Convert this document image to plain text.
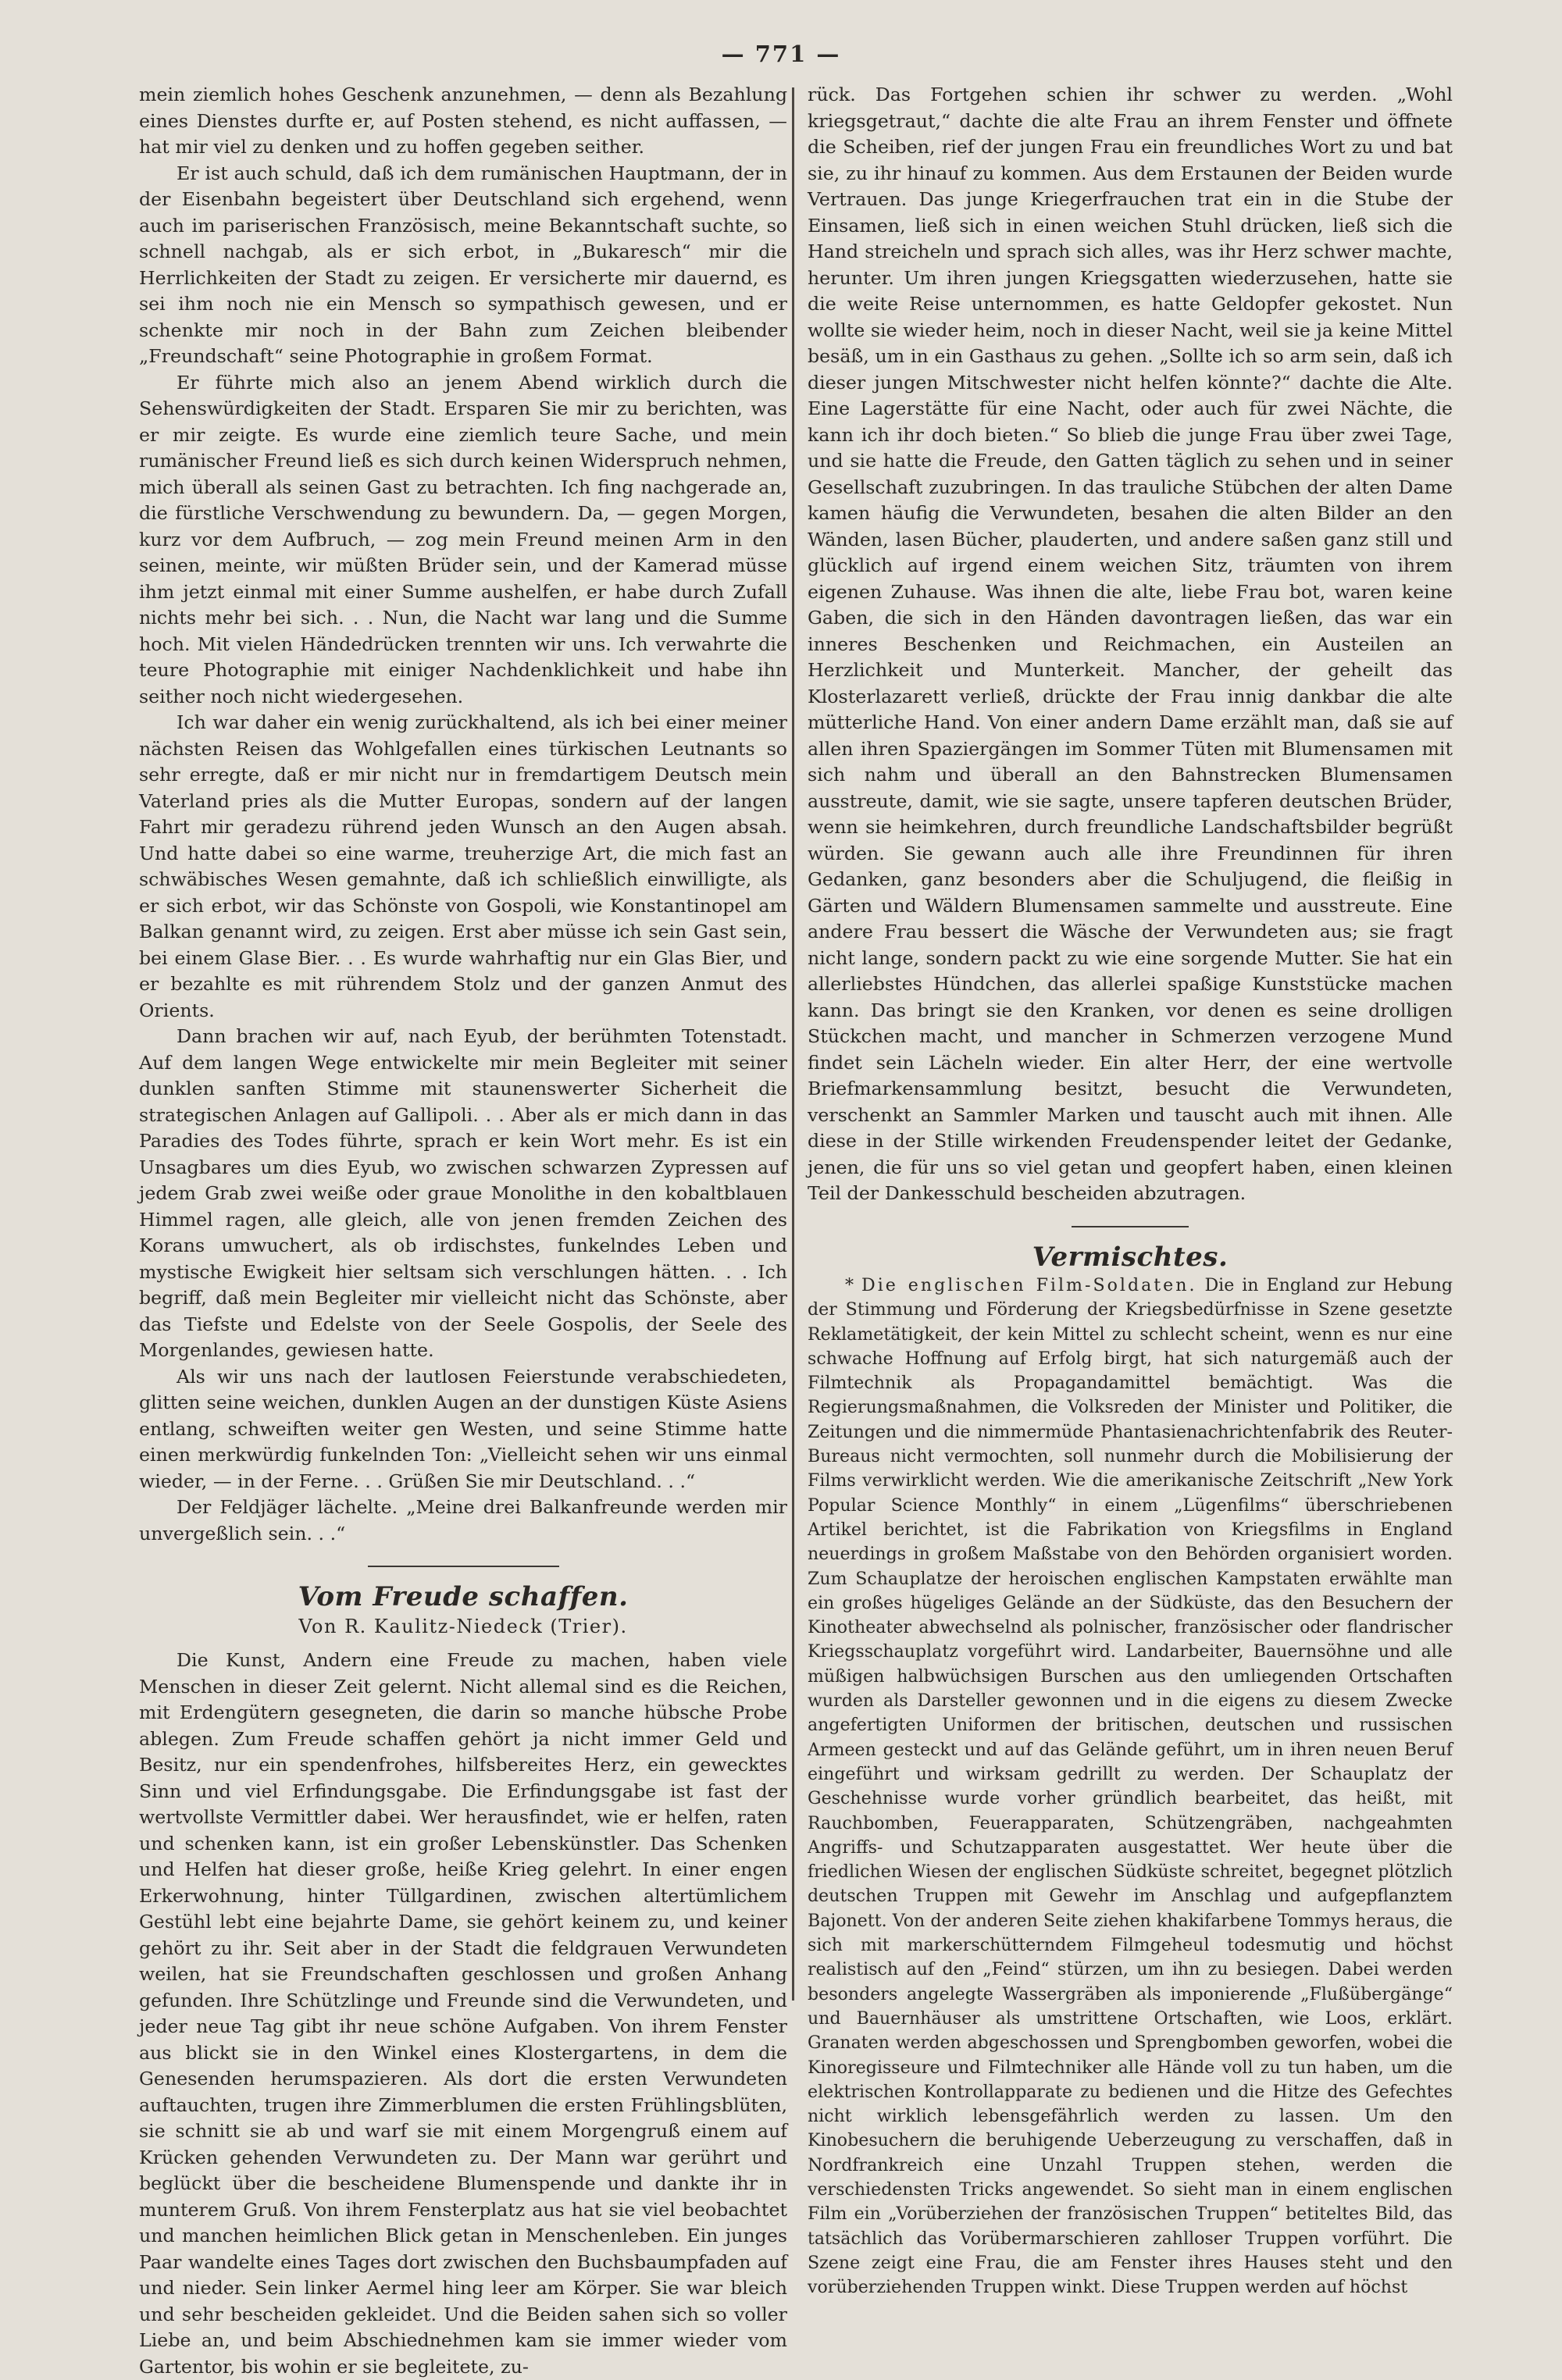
— 771 —

mein ziemlich hohes Geschenk anzunehmen, — denn als Bezahlung eines Dienstes durfte er, auf Posten stehend, es nicht auffassen, — hat mir viel zu denken und zu hoffen gegeben seither.

Er ist auch schuld, daß ich dem rumänischen Hauptmann, der in der Eisenbahn begeistert über Deutschland sich ergehend, wenn auch im pariserischen Französisch, meine Bekanntschaft suchte, so schnell nachgab, als er sich erbot, in „Bukaresch“ mir die Herrlichkeiten der Stadt zu zeigen. Er versicherte mir dauernd, es sei ihm noch nie ein Mensch so sympathisch gewesen, und er schenkte mir noch in der Bahn zum Zeichen bleibender „Freundschaft“ seine Photographie in großem Format.

Er führte mich also an jenem Abend wirklich durch die Sehenswürdigkeiten der Stadt. Ersparen Sie mir zu berichten, was er mir zeigte. Es wurde eine ziemlich teure Sache, und mein rumänischer Freund ließ es sich durch keinen Widerspruch nehmen, mich überall als seinen Gast zu betrachten. Ich fing nachgerade an, die fürstliche Verschwendung zu bewundern. Da, — gegen Morgen, kurz vor dem Aufbruch, — zog mein Freund meinen Arm in den seinen, meinte, wir müßten Brüder sein, und der Kamerad müsse ihm jetzt einmal mit einer Summe aushelfen, er habe durch Zufall nichts mehr bei sich. . . Nun, die Nacht war lang und die Summe hoch. Mit vielen Händedrücken trennten wir uns. Ich verwahrte die teure Photographie mit einiger Nachdenklichkeit und habe ihn seither noch nicht wiedergesehen.

Ich war daher ein wenig zurückhaltend, als ich bei einer meiner nächsten Reisen das Wohlgefallen eines türkischen Leutnants so sehr erregte, daß er mir nicht nur in fremdartigem Deutsch mein Vaterland pries als die Mutter Europas, sondern auf der langen Fahrt mir geradezu rührend jeden Wunsch an den Augen absah. Und hatte dabei so eine warme, treuherzige Art, die mich fast an schwäbisches Wesen gemahnte, daß ich schließlich einwilligte, als er sich erbot, wir das Schönste von Gospoli, wie Konstantinopel am Balkan genannt wird, zu zeigen. Erst aber müsse ich sein Gast sein, bei einem Glase Bier. . . Es wurde wahrhaftig nur ein Glas Bier, und er bezahlte es mit rührendem Stolz und der ganzen Anmut des Orients.

Dann brachen wir auf, nach Eyub, der berühmten Totenstadt. Auf dem langen Wege entwickelte mir mein Begleiter mit seiner dunklen sanften Stimme mit staunenswerter Sicherheit die strategischen Anlagen auf Gallipoli. . . Aber als er mich dann in das Paradies des Todes führte, sprach er kein Wort mehr. Es ist ein Unsagbares um dies Eyub, wo zwischen schwarzen Zypressen auf jedem Grab zwei weiße oder graue Monolithe in den kobaltblauen Himmel ragen, alle gleich, alle von jenen fremden Zeichen des Korans umwuchert, als ob irdischstes, funkelndes Leben und mystische Ewigkeit hier seltsam sich verschlungen hätten. . . Ich begriff, daß mein Begleiter mir vielleicht nicht das Schönste, aber das Tiefste und Edelste von der Seele Gospolis, der Seele des Morgenlandes, gewiesen hatte.

Als wir uns nach der lautlosen Feierstunde verabschiedeten, glitten seine weichen, dunklen Augen an der dunstigen Küste Asiens entlang, schweiften weiter gen Westen, und seine Stimme hatte einen merkwürdig funkelnden Ton: „Vielleicht sehen wir uns einmal wieder, — in der Ferne. . . Grüßen Sie mir Deutschland. . .“

Der Feldjäger lächelte. „Meine drei Balkanfreunde werden mir unvergeßlich sein. . .“

Vom Freude schaffen.
Von R. Kaulitz-Niedeck (Trier).

Die Kunst, Andern eine Freude zu machen, haben viele Menschen in dieser Zeit gelernt. Nicht allemal sind es die Reichen, mit Erdengütern gesegneten, die darin so manche hübsche Probe ablegen. Zum Freude schaffen gehört ja nicht immer Geld und Besitz, nur ein spendenfrohes, hilfsbereites Herz, ein gewecktes Sinn und viel Erfindungsgabe. Die Erfindungsgabe ist fast der wertvollste Vermittler dabei. Wer herausfindet, wie er helfen, raten und schenken kann, ist ein großer Lebenskünstler. Das Schenken und Helfen hat dieser große, heiße Krieg gelehrt. In einer engen Erkerwohnung, hinter Tüllgardinen, zwischen altertümlichem Gestühl lebt eine bejahrte Dame, sie gehört keinem zu, und keiner gehört zu ihr. Seit aber in der Stadt die feldgrauen Verwundeten weilen, hat sie Freundschaften geschlossen und großen Anhang gefunden. Ihre Schützlinge und Freunde sind die Verwundeten, und jeder neue Tag gibt ihr neue schöne Aufgaben. Von ihrem Fenster aus blickt sie in den Winkel eines Klostergartens, in dem die Genesenden herumspazieren. Als dort die ersten Verwundeten auftauchten, trugen ihre Zimmerblumen die ersten Frühlingsblüten, sie schnitt sie ab und warf sie mit einem Morgengruß einem auf Krücken gehenden Verwundeten zu. Der Mann war gerührt und beglückt über die bescheidene Blumenspende und dankte ihr in munterem Gruß. Von ihrem Fensterplatz aus hat sie viel beobachtet und manchen heimlichen Blick getan in Menschenleben. Ein junges Paar wandelte eines Tages dort zwischen den Buchsbaumpfaden auf und nieder. Sein linker Aermel hing leer am Körper. Sie war bleich und sehr bescheiden gekleidet. Und die Beiden sahen sich so voller Liebe an, und beim Abschiednehmen kam sie immer wieder vom Gartentor, bis wohin er sie begleitete, zu-

rück. Das Fortgehen schien ihr schwer zu werden. „Wohl kriegsgetraut,“ dachte die alte Frau an ihrem Fenster und öffnete die Scheiben, rief der jungen Frau ein freundliches Wort zu und bat sie, zu ihr hinauf zu kommen. Aus dem Erstaunen der Beiden wurde Vertrauen. Das junge Kriegerfrauchen trat ein in die Stube der Einsamen, ließ sich in einen weichen Stuhl drücken, ließ sich die Hand streicheln und sprach sich alles, was ihr Herz schwer machte, herunter. Um ihren jungen Kriegsgatten wiederzusehen, hatte sie die weite Reise unternommen, es hatte Geldopfer gekostet. Nun wollte sie wieder heim, noch in dieser Nacht, weil sie ja keine Mittel besäß, um in ein Gasthaus zu gehen. „Sollte ich so arm sein, daß ich dieser jungen Mitschwester nicht helfen könnte?“ dachte die Alte. Eine Lagerstätte für eine Nacht, oder auch für zwei Nächte, die kann ich ihr doch bieten.“ So blieb die junge Frau über zwei Tage, und sie hatte die Freude, den Gatten täglich zu sehen und in seiner Gesellschaft zuzubringen. In das trauliche Stübchen der alten Dame kamen häufig die Verwundeten, besahen die alten Bilder an den Wänden, lasen Bücher, plauderten, und andere saßen ganz still und glücklich auf irgend einem weichen Sitz, träumten von ihrem eigenen Zuhause. Was ihnen die alte, liebe Frau bot, waren keine Gaben, die sich in den Händen davontragen ließen, das war ein inneres Beschenken und Reichmachen, ein Austeilen an Herzlichkeit und Munterkeit. Mancher, der geheilt das Klosterlazarett verließ, drückte der Frau innig dankbar die alte mütterliche Hand. Von einer andern Dame erzählt man, daß sie auf allen ihren Spaziergängen im Sommer Tüten mit Blumensamen mit sich nahm und überall an den Bahnstrecken Blumensamen ausstreute, damit, wie sie sagte, unsere tapferen deutschen Brüder, wenn sie heimkehren, durch freundliche Landschaftsbilder begrüßt würden. Sie gewann auch alle ihre Freundinnen für ihren Gedanken, ganz besonders aber die Schuljugend, die fleißig in Gärten und Wäldern Blumensamen sammelte und ausstreute. Eine andere Frau bessert die Wäsche der Verwundeten aus; sie fragt nicht lange, sondern packt zu wie eine sorgende Mutter. Sie hat ein allerliebstes Hündchen, das allerlei spaßige Kunststücke machen kann. Das bringt sie den Kranken, vor denen es seine drolligen Stückchen macht, und mancher in Schmerzen verzogene Mund findet sein Lächeln wieder. Ein alter Herr, der eine wertvolle Briefmarkensammlung besitzt, besucht die Verwundeten, verschenkt an Sammler Marken und tauscht auch mit ihnen. Alle diese in der Stille wirkenden Freudenspender leitet der Gedanke, jenen, die für uns so viel getan und geopfert haben, einen kleinen Teil der Dankesschuld bescheiden abzutragen.

Vermischtes.

* Die englischen Film-Soldaten. Die in England zur Hebung der Stimmung und Förderung der Kriegsbedürfnisse in Szene gesetzte Reklametätigkeit, der kein Mittel zu schlecht scheint, wenn es nur eine schwache Hoffnung auf Erfolg birgt, hat sich naturgemäß auch der Filmtechnik als Propagandamittel bemächtigt. Was die Regierungsmaßnahmen, die Volksreden der Minister und Politiker, die Zeitungen und die nimmermüde Phantasienachrichtenfabrik des Reuter-Bureaus nicht vermochten, soll nunmehr durch die Mobilisierung der Films verwirklicht werden. Wie die amerikanische Zeitschrift „New York Popular Science Monthly“ in einem „Lügenfilms“ überschriebenen Artikel berichtet, ist die Fabrikation von Kriegsfilms in England neuerdings in großem Maßstabe von den Behörden organisiert worden. Zum Schauplatze der heroischen englischen Kampstaten erwählte man ein großes hügeliges Gelände an der Südküste, das den Besuchern der Kinotheater abwechselnd als polnischer, französischer oder flandrischer Kriegsschauplatz vorgeführt wird. Landarbeiter, Bauernsöhne und alle müßigen halbwüchsigen Burschen aus den umliegenden Ortschaften wurden als Darsteller gewonnen und in die eigens zu diesem Zwecke angefertigten Uniformen der britischen, deutschen und russischen Armeen gesteckt und auf das Gelände geführt, um in ihren neuen Beruf eingeführt und wirksam gedrillt zu werden. Der Schauplatz der Geschehnisse wurde vorher gründlich bearbeitet, das heißt, mit Rauchbomben, Feuerapparaten, Schützengräben, nachgeahmten Angriffs- und Schutzapparaten ausgestattet. Wer heute über die friedlichen Wiesen der englischen Südküste schreitet, begegnet plötzlich deutschen Truppen mit Gewehr im Anschlag und aufgepflanztem Bajonett. Von der anderen Seite ziehen khakifarbene Tommys heraus, die sich mit markerschütterndem Filmgeheul todesmutig und höchst realistisch auf den „Feind“ stürzen, um ihn zu besiegen. Dabei werden besonders angelegte Wassergräben als imponierende „Flußübergänge“ und Bauernhäuser als umstrittene Ortschaften, wie Loos, erklärt. Granaten werden abgeschossen und Sprengbomben geworfen, wobei die Kinoregisseure und Filmtechniker alle Hände voll zu tun haben, um die elektrischen Kontrollapparate zu bedienen und die Hitze des Gefechtes nicht wirklich lebensgefährlich werden zu lassen. Um den Kinobesuchern die beruhigende Ueberzeugung zu verschaffen, daß in Nordfrankreich eine Unzahl Truppen stehen, werden die verschiedensten Tricks angewendet. So sieht man in einem englischen Film ein „Vorüberziehen der französischen Truppen“ betiteltes Bild, das tatsächlich das Vorübermarschieren zahlloser Truppen vorführt. Die Szene zeigt eine Frau, die am Fenster ihres Hauses steht und den vorüberziehenden Truppen winkt. Diese Truppen werden auf höchst
